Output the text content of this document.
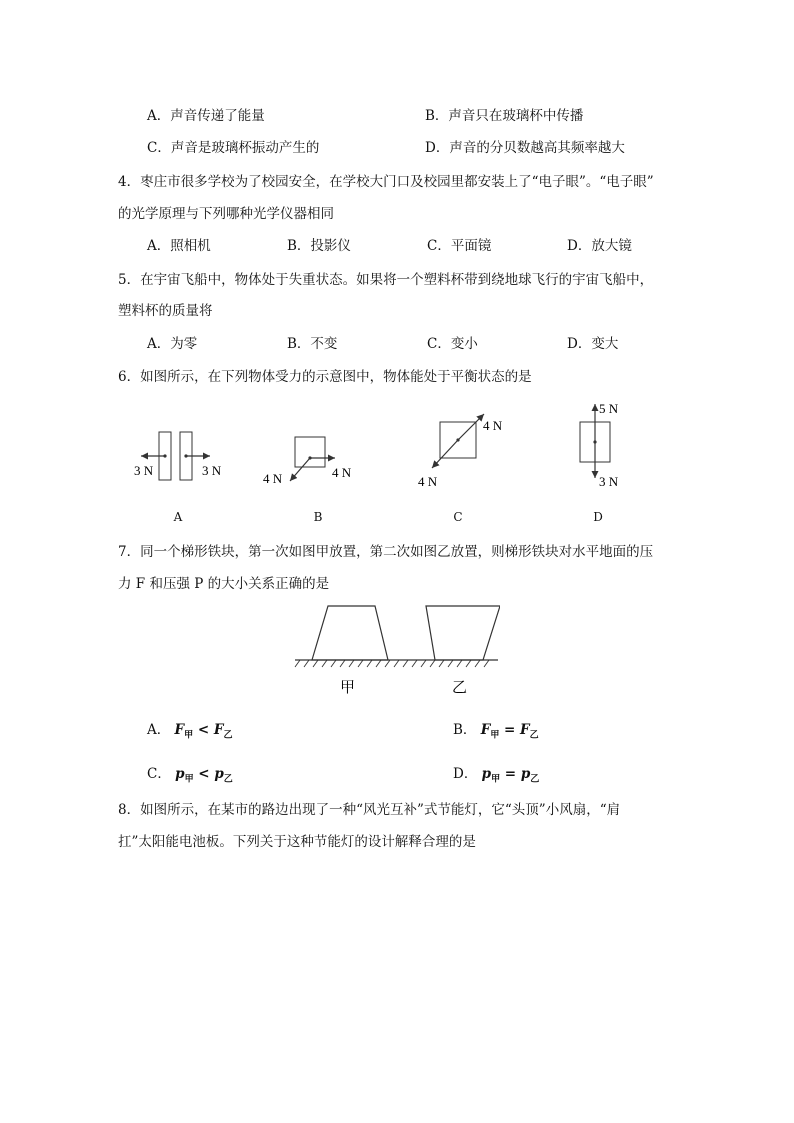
A．声音传递了能量	B．声音只在玻璃杯中传播
C．声音是玻璃杯振动产生的	D．声音的分贝数越高其频率越大
4．枣庄市很多学校为了校园安全，在学校大门口及校园里都安装上了“电子眼”。“电子眼”
的光学原理与下列哪种光学仪器相同
A．照相机	B．投影仪	C．平面镜	D．放大镜
5．在宇宙飞船中，物体处于失重状态。如果将一个塑料杯带到绕地球飞行的宇宙飞船中，
塑料杯的质量将
A．为零	B．不变	C．变小	D．变大
6．如图所示，在下列物体受力的示意图中，物体能处于平衡状态的是
3 N	3 N
A
4 N	4 N
B
4 N
4 N
C
5 N
3 N
D
7．同一个梯形铁块，第一次如图甲放置，第二次如图乙放置，则梯形铁块对水平地面的压
力 F 和压强 P 的大小关系正确的是
甲	乙
A． $F_甲 < F_乙$	B． $F_甲 = F_乙$
C． $p_甲 < p_乙$	D． $p_甲 = p_乙$
8．如图所示，在某市的路边出现了一种“风光互补”式节能灯，它“头顶”小风扇，“肩
扛”太阳能电池板。下列关于这种节能灯的设计解释合理的是
